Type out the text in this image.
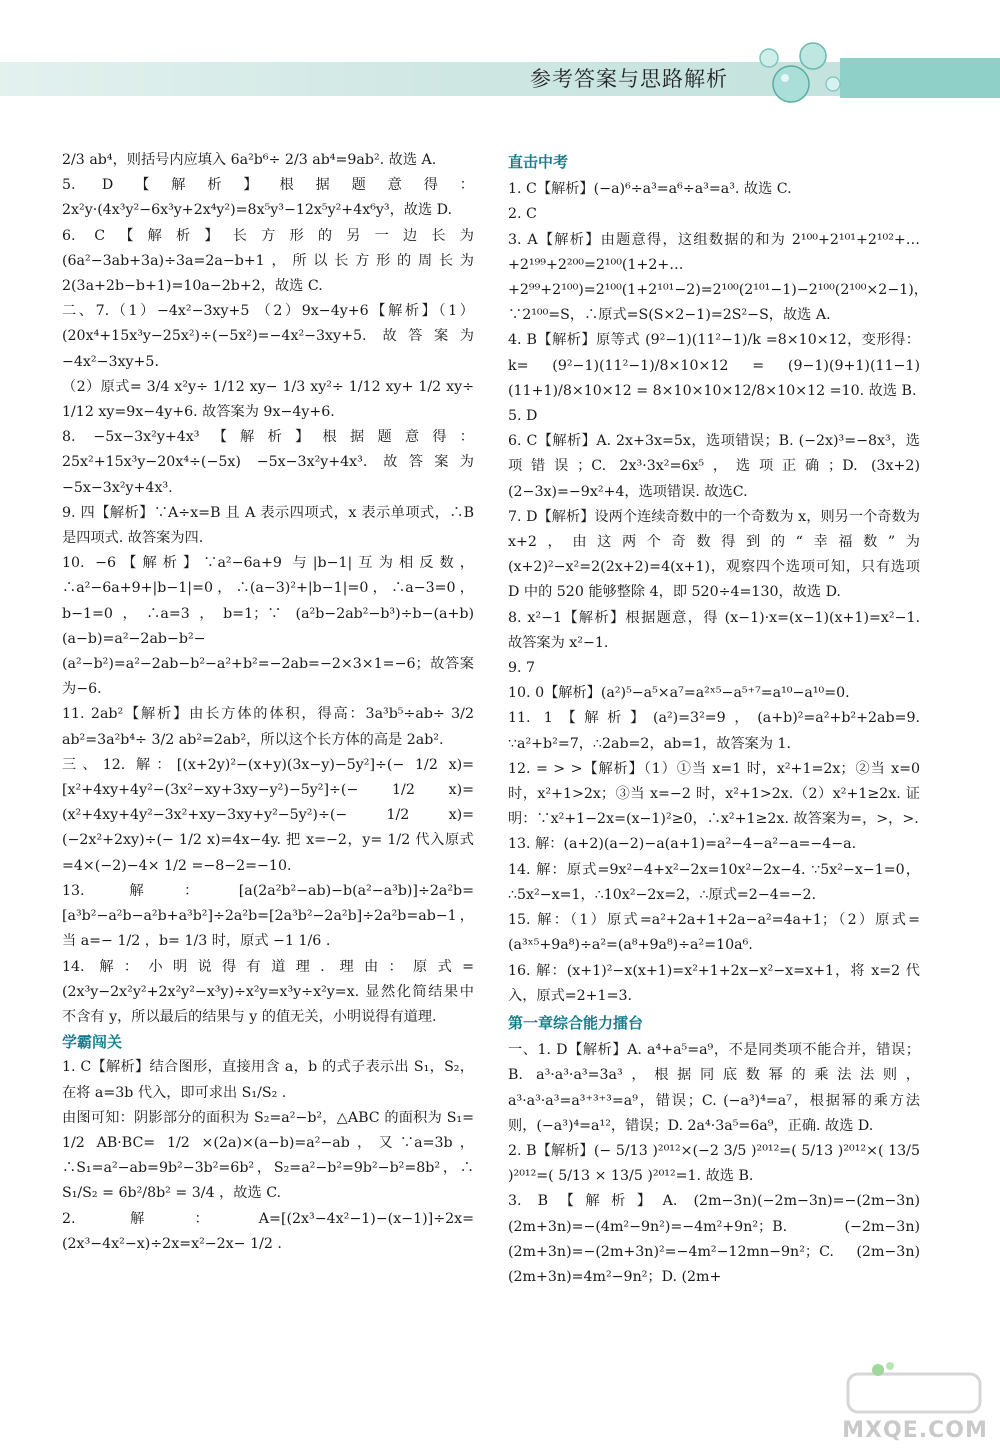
参考答案与思路解析

2/3 ab⁴，则括号内应填入 6a²b⁶÷ 2/3 ab⁴=9ab². 故选 A.

5. D【解析】根据题意得：2x²y·(4x³y²−6x³y+2x⁴y²)=8x⁵y³−12x⁵y²+4x⁶y³，故选 D.

6. C【解析】长方形的另一边长为 (6a²−3ab+3a)÷3a=2a−b+1，所以长方形的周长为 2(3a+2b−b+1)=10a−2b+2，故选 C.

二、7.（1）−4x²−3xy+5 （2）9x−4y+6【解析】（1）(20x⁴+15x³y−25x²)÷(−5x²)=−4x²−3xy+5. 故答案为−4x²−3xy+5.

（2）原式= 3/4 x²y÷ 1/12 xy− 1/3 xy²÷ 1/12 xy+ 1/2 xy÷ 1/12 xy=9x−4y+6. 故答案为 9x−4y+6.

8. −5x−3x²y+4x³【解析】根据题意得：25x²+15x³y−20x⁴÷(−5x) −5x−3x²y+4x³. 故答案为−5x−3x²y+4x³.

9. 四【解析】∵A÷x=B 且 A 表示四项式，x 表示单项式，∴B 是四项式. 故答案为四.

10. −6【解析】∵a²−6a+9 与|b−1|互为相反数，∴a²−6a+9+|b−1|=0，∴(a−3)²+|b−1|=0，∴a−3=0，b−1=0，∴a=3，b=1；∵ (a²b−2ab²−b³)÷b−(a+b)(a−b)=a²−2ab−b²−(a²−b²)=a²−2ab−b²−a²+b²=−2ab=−2×3×1=−6；故答案为−6.

11. 2ab²【解析】由长方体的体积，得高：3a³b⁵÷ab÷ 3/2 ab²=3a²b⁴÷ 3/2 ab²=2ab²，所以这个长方体的高是 2ab².

三、12. 解：[(x+2y)²−(x+y)(3x−y)−5y²]÷(− 1/2 x)=[x²+4xy+4y²−(3x²−xy+3xy−y²)−5y²]÷(− 1/2 x)=(x²+4xy+4y²−3x²+xy−3xy+y²−5y²)÷(− 1/2 x)=(−2x²+2xy)÷(− 1/2 x)=4x−4y. 把 x=−2，y= 1/2 代入原式=4×(−2)−4× 1/2 =−8−2=−10.

13. 解：[a(2a²b²−ab)−b(a²−a³b)]÷2a²b=[a³b²−a²b−a²b+a³b²]÷2a²b=[2a³b²−2a²b]÷2a²b=ab−1，当 a=− 1/2 ，b= 1/3 时，原式 −1 1/6 .

14. 解：小明说得有道理. 理由：原式=(2x³y−2x²y²+2x²y²−x³y)÷x²y=x³y÷x²y=x. 显然化简结果中不含有 y，所以最后的结果与 y 的值无关，小明说得有道理.

学霸闯关

1. C【解析】结合图形，直接用含 a，b 的式子表示出 S₁，S₂，在将 a=3b 代入，即可求出 S₁/S₂ .

由图可知：阴影部分的面积为 S₂=a²−b²，△ABC 的面积为 S₁= 1/2 AB·BC= 1/2 ×(2a)×(a−b)=a²−ab，又∵a=3b，∴S₁=a²−ab=9b²−3b²=6b²，S₂=a²−b²=9b²−b²=8b²，∴ S₁/S₂ = 6b²/8b² = 3/4 ，故选 C.

2. 解：A=[(2x³−4x²−1)−(x−1)]÷2x=(2x³−4x²−x)÷2x=x²−2x− 1/2 .

直击中考

1. C【解析】(−a)⁶÷a³=a⁶÷a³=a³. 故选 C.

2. C

3. A【解析】由题意得，这组数据的和为 2¹⁰⁰+2¹⁰¹+2¹⁰²+…+2¹⁹⁹+2²⁰⁰=2¹⁰⁰(1+2+…+2⁹⁹+2¹⁰⁰)=2¹⁰⁰(1+2¹⁰¹−2)=2¹⁰⁰(2¹⁰¹−1)−2¹⁰⁰(2¹⁰⁰×2−1)，∵2¹⁰⁰=S，∴原式=S(S×2−1)=2S²−S，故选 A.

4. B【解析】原等式 (9²−1)(11²−1)/k =8×10×12，变形得：k= (9²−1)(11²−1)/8×10×12 = (9−1)(9+1)(11−1)(11+1)/8×10×12 = 8×10×10×12/8×10×12 =10. 故选 B.

5. D

6. C【解析】A. 2x+3x=5x，选项错误；B. (−2x)³=−8x³，选项错误；C. 2x³·3x²=6x⁵，选项正确；D. (3x+2)(2−3x)=−9x²+4，选项错误. 故选C.

7. D【解析】设两个连续奇数中的一个奇数为 x，则另一个奇数为 x+2，由这两个奇数得到的“幸福数”为 (x+2)²−x²=2(2x+2)=4(x+1)，观察四个选项可知，只有选项 D 中的 520 能够整除 4，即 520÷4=130，故选 D.

8. x²−1【解析】根据题意，得 (x−1)·x=(x−1)(x+1)=x²−1. 故答案为 x²−1.

9. 7

10. 0【解析】(a²)⁵−a⁵×a⁷=a²ˣ⁵−a⁵⁺⁷=a¹⁰−a¹⁰=0.

11. 1【解析】(a²)=3²=9，(a+b)²=a²+b²+2ab=9. ∵a²+b²=7，∴2ab=2，ab=1，故答案为 1.

12. = > >【解析】（1）①当 x=1 时，x²+1=2x；②当 x=0 时，x²+1>2x；③当 x=−2 时，x²+1>2x.（2）x²+1≥2x. 证明：∵x²+1−2x=(x−1)²≥0，∴x²+1≥2x. 故答案为=，>，>.

13. 解：(a+2)(a−2)−a(a+1)=a²−4−a²−a=−4−a.

14. 解：原式=9x²−4+x²−2x=10x²−2x−4. ∵5x²−x−1=0，∴5x²−x=1，∴10x²−2x=2，∴原式=2−4=−2.

15. 解：（1）原式=a²+2a+1+2a−a²=4a+1；（2）原式=(a³ˣ⁵+9a⁸)÷a²=(a⁸+9a⁸)÷a²=10a⁶.

16. 解：(x+1)²−x(x+1)=x²+1+2x−x²−x=x+1，将 x=2 代入，原式=2+1=3.

第一章综合能力擂台

一、1. D【解析】A. a⁴+a⁵=a⁹，不是同类项不能合并，错误；B. a³·a³·a³=3a³，根据同底数幂的乘法法则，a³·a³·a³=a³⁺³⁺³=a⁹，错误；C. (−a³)⁴=a⁷，根据幂的乘方法则，(−a³)⁴=a¹²，错误；D. 2a⁴·3a⁵=6a⁹，正确. 故选 D.

2. B【解析】(− 5/13 )²⁰¹²×(−2 3/5 )²⁰¹²=( 5/13 )²⁰¹²×( 13/5 )²⁰¹²=( 5/13 × 13/5 )²⁰¹²=1. 故选 B.

3. B【解析】A. (2m−3n)(−2m−3n)=−(2m−3n)(2m+3n)=−(4m²−9n²)=−4m²+9n²；B. (−2m−3n)(2m+3n)=−(2m+3n)²=−4m²−12mn−9n²；C. (2m−3n)(2m+3n)=4m²−9n²；D. (2m+

MXQE.COM
